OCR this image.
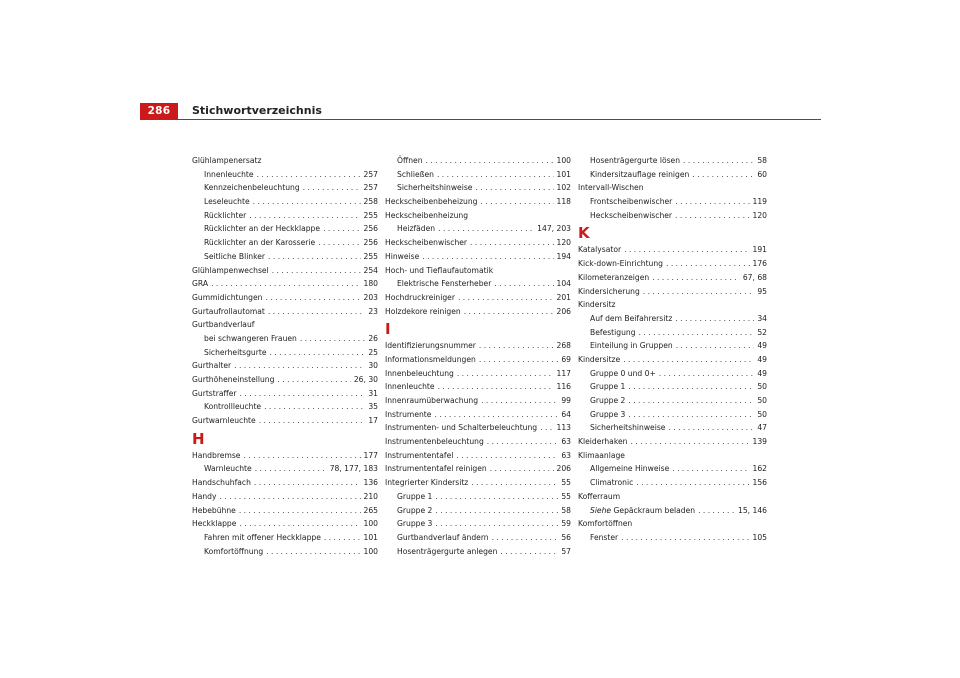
286	Stichwortverzeichnis
Glühlampenersatz
Innenleuchte . . .	257
Kennzeichenbeleuchtung . . .	257
Leseleuchte . . .	258
Rücklichter . . .	255
Rücklichter an der Heckklappe . . .	256
Rücklichter an der Karosserie . . .	256
Seitliche Blinker . . .	255
Glühlampenwechsel . . .	254
GRA . . .	180
Gummidichtungen . . .	203
Gurtaufrollautomat . . .	23
Gurtbandverlauf
bei schwangeren Frauen . . .	26
Sicherheitsgurte . . .	25
Gurthalter . . .	30
Gurthöheneinstellung . . .	26, 30
Gurtstraffer . . .	31
Kontrollleuchte . . .	35
Gurtwarnleuchte . . .	17
H
Handbremse . . .	177
Warnleuchte . . .	78, 177, 183
Handschuhfach . . .	136
Handy . . .	210
Hebebühne . . .	265
Heckklappe . . .	100
Fahren mit offener Heckklappe . . .	101
Komfortöffnung . . .	100
Öffnen . . .	100
Schließen . . .	101
Sicherheitshinweise . . .	102
Heckscheibenbeheizung . . .	118
Heckscheibenheizung
Heizfäden . . .	147, 203
Heckscheibenwischer . . .	120
Hinweise . . .	194
Hoch- und Tieflaufautomatik
Elektrische Fensterheber . . .	104
Hochdruckreiniger . . .	201
Holzdekore reinigen . . .	206
I
Identifizierungsnummer . . .	268
Informationsmeldungen . . .	69
Innenbeleuchtung . . .	117
Innenleuchte . . .	116
Innenraumüberwachung . . .	99
Instrumente . . .	64
Instrumenten- und Schalterbeleuchtung . . .	113
Instrumentenbeleuchtung . . .	63
Instrumententafel . . .	63
Instrumententafel reinigen . . .	206
Integrierter Kindersitz . . .	55
Gruppe 1 . . .	55
Gruppe 2 . . .	58
Gruppe 3 . . .	59
Gurtbandverlauf ändern . . .	56
Hosenträgergurte anlegen . . .	57
Hosenträgergurte lösen . . .	58
Kindersitzauflage reinigen . . .	60
Intervall-Wischen
Frontscheibenwischer . . .	119
Heckscheibenwischer . . .	120
K
Katalysator . . .	191
Kick-down-Einrichtung . . .	176
Kilometeranzeigen . . .	67, 68
Kindersicherung . . .	95
Kindersitz
Auf dem Beifahrersitz . . .	34
Befestigung . . .	52
Einteilung in Gruppen . . .	49
Kindersitze . . .	49
Gruppe 0 und 0+ . . .	49
Gruppe 1 . . .	50
Gruppe 2 . . .	50
Gruppe 3 . . .	50
Sicherheitshinweise . . .	47
Kleiderhaken . . .	139
Klimaanlage
Allgemeine Hinweise . . .	162
Climatronic . . .	156
Kofferraum
Siehe Gepäckraum beladen . . .	15, 146
Komfortöffnen
Fenster . . .	105
